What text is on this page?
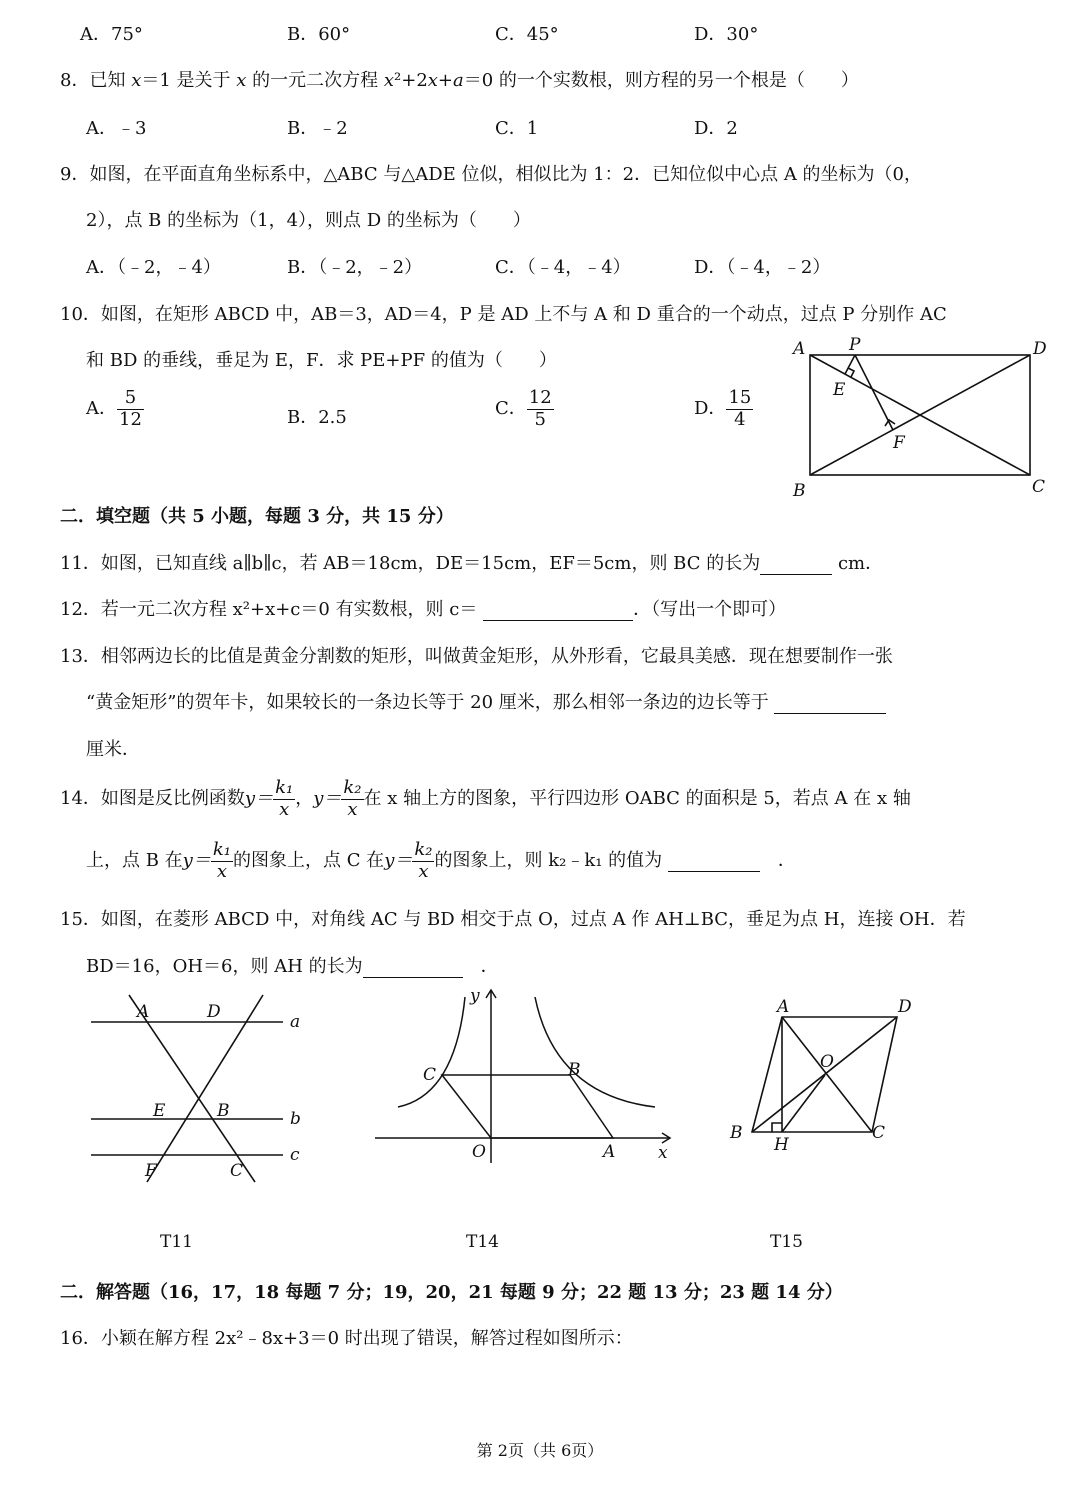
A．75°	B．60°	C．45°	D．30°
8．已知 x＝1 是关于 x 的一元二次方程 x²+2x+a＝0 的一个实数根，则方程的另一个根是（　　）
A．﹣3	B．﹣2	C．1	D．2
9．如图，在平面直角坐标系中，△ABC 与△ADE 位似，相似比为 1：2．已知位似中心点 A 的坐标为（0，
2），点 B 的坐标为（1，4），则点 D 的坐标为（　　）
A．（﹣2，﹣4）	B．（﹣2，﹣2）	C．（﹣4，﹣4）	D．（﹣4，﹣2）
10．如图，在矩形 ABCD 中，AB＝3，AD＝4，P 是 AD 上不与 A 和 D 重合的一个动点，过点 P 分别作 AC
和 BD 的垂线，垂足为 E，F．求 PE+PF 的值为（　　）
A． $\frac{5}{12}$	B．2.5	C． $\frac{12}{5}$	D． $\frac{15}{4}$
A	P	D
E
F
B	C
二．填空题（共 5 小题，每题 3 分，共 15 分）
11．如图，已知直线 a∥b∥c，若 AB＝18cm，DE＝15cm，EF＝5cm，则 BC 的长为	cm．
12．若一元二次方程 x²+x+c＝0 有实数根，则 c＝	．（写出一个即可）
13．相邻两边长的比值是黄金分割数的矩形，叫做黄金矩形，从外形看，它最具美感．现在想要制作一张
“黄金矩形”的贺年卡，如果较长的一条边长等于 20 厘米，那么相邻一条边的边长等于
厘米．
14．如图是反比例函数$y= \frac{\text{k₁}}{x}$ ，$y= \frac{\text{k₂}}{x}$ 在 x 轴上方的图象，平行四边形 OABC 的面积是 5，若点 A 在 x 轴
上，点 B 在$y= \frac{\text{k₁}}{x}$ 的图象上，点 C 在$y= \frac{\text{k₂}}{x}$ 的图象上，则 k₂﹣k₁ 的值为	　．
15．如图，在菱形 ABCD 中，对角线 AC 与 BD 相交于点 O，过点 A 作 AH⊥BC，垂足为点 H，连接 OH．若
BD＝16，OH＝6，则 AH 的长为	　．
A	D	a
E	B	b
F	C
c
y
C	B
O	A	x
A	D
O
B
H
C
T11	T14	T15
二．解答题（16，17，18 每题 7 分；19，20，21 每题 9 分；22 题 13 分；23 题 14 分）
16．小颖在解方程 2x²﹣8x+3＝0 时出现了错误，解答过程如图所示：
第 2页（共 6页）
